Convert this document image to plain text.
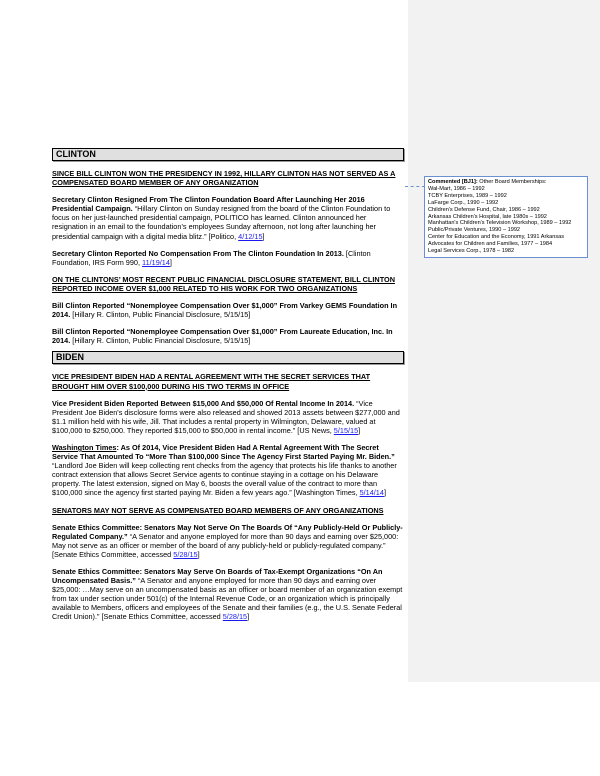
CLINTON
SINCE BILL CLINTON WON THE PRESIDENCY IN 1992, HILLARY CLINTON HAS NOT SERVED AS A COMPENSATED BOARD MEMBER OF ANY ORGANIZATION

Secretary Clinton Resigned From The Clinton Foundation Board After Launching Her 2016 Presidential Campaign. “Hillary Clinton on Sunday resigned from the board of the Clinton Foundation to focus on her just-launched presidential campaign, POLITICO has learned. Clinton announced her resignation in an email to the foundation’s employees Sunday afternoon, not long after launching her presidential campaign with a digital media blitz.” [Politico, 4/12/15]

Secretary Clinton Reported No Compensation From The Clinton Foundation In 2013. [Clinton Foundation, IRS Form 990, 11/19/14]

ON THE CLINTONS’ MOST RECENT PUBLIC FINANCIAL DISCLOSURE STATEMENT, BILL CLINTON REPORTED INCOME OVER $1,000 RELATED TO HIS WORK FOR TWO ORGANIZATIONS

Bill Clinton Reported “Nonemployee Compensation Over $1,000” From Varkey GEMS Foundation In 2014. [Hillary R. Clinton, Public Financial Disclosure, 5/15/15]

Bill Clinton Reported “Nonemployee Compensation Over $1,000” From Laureate Education, Inc. In 2014. [Hillary R. Clinton, Public Financial Disclosure, 5/15/15]

BIDEN
VICE PRESIDENT BIDEN HAD A RENTAL AGREEMENT WITH THE SECRET SERVICES THAT BROUGHT HIM OVER $100,000 DURING HIS TWO TERMS IN OFFICE

Vice President Biden Reported Between $15,000 And $50,000 Of Rental Income In 2014. “Vice President Joe Biden's disclosure forms were also released and showed 2013 assets between $277,000 and $1.1 million held with his wife, Jill. That includes a rental property in Wilmington, Delaware, valued at $100,000 to $250,000. They reported $15,000 to $50,000 in rental income.” [US News, 5/15/15]

Washington Times: As Of 2014, Vice President Biden Had A Rental Agreement With The Secret Service That Amounted To “More Than $100,000 Since The Agency First Started Paying Mr. Biden.” “Landlord Joe Biden will keep collecting rent checks from the agency that protects his life thanks to another contract extension that allows Secret Service agents to continue staying in a cottage on his Delaware property. The latest extension, signed on May 6, boosts the overall value of the contract to more than $100,000 since the agency first started paying Mr. Biden a few years ago.” [Washington Times, 5/14/14]

SENATORS MAY NOT SERVE AS COMPENSATED BOARD MEMBERS OF ANY ORGANIZATIONS

Senate Ethics Committee: Senators May Not Serve On The Boards Of “Any Publicly-Held Or Publicly-Regulated Company.” “A Senator and anyone employed for more than 90 days and earning over $25,000: May not serve as an officer or member of the board of any publicly-held or publicly-regulated company.” [Senate Ethics Committee, accessed 5/28/15]

Senate Ethics Committee: Senators May Serve On Boards of Tax-Exempt Organizations “On An Uncompensated Basis.” “A Senator and anyone employed for more than 90 days and earning over $25,000: …May serve on an uncompensated basis as an officer or board member of an organization exempt from tax under section under 501(c) of the Internal Revenue Code, or an organization which is principally available to Members, officers and employees of the Senate and their families (e.g., the U.S. Senate Federal Credit Union).” [Senate Ethics Committee, accessed 5/28/15]

Commented [BJ1]: Other Board Memberships:
Wal-Mart, 1986 – 1992
TCBY Enterprises, 1989 – 1992
LaFarge Corp., 1990 – 1992
Children's Defense Fund, Chair, 1986 – 1992
Arkansas Children's Hospital, late 1980s – 1992
Manhattan's Children's Television Workshop, 1989 – 1992
Public/Private Ventures, 1990 – 1992
Center for Education and the Economy, 1991 Arkansas
Advocates for Children and Families, 1977 – 1984
Legal Services Corp., 1978 – 1982
